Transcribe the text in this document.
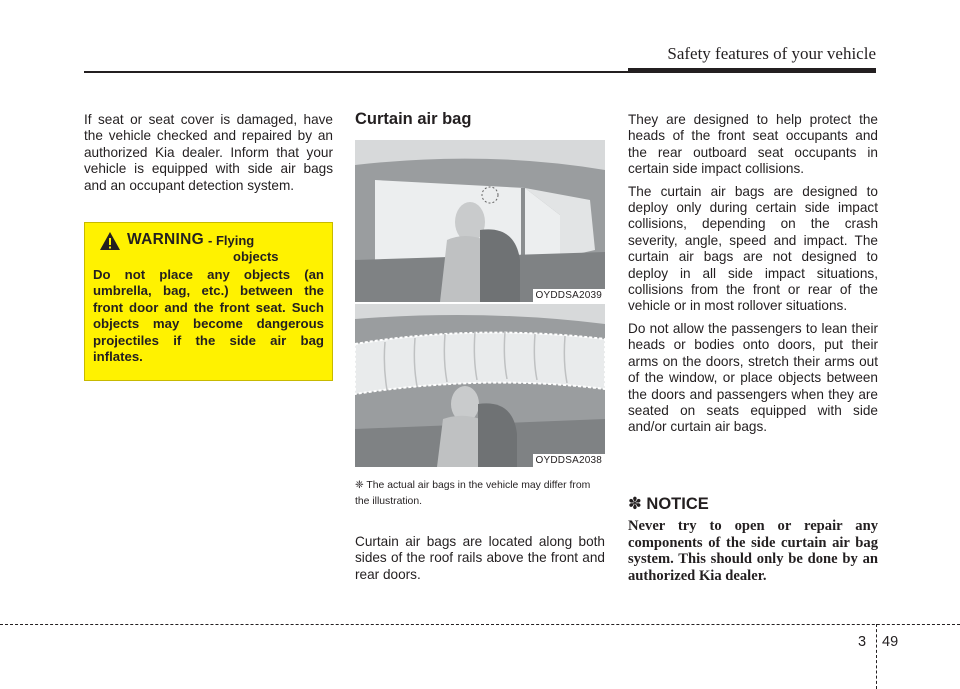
Safety features of your vehicle

If seat or seat cover is damaged, have the vehicle checked and repaired by an authorized Kia dealer. Inform that your vehicle is equipped with side air bags and an occupant detection system.

WARNING - Flying
objects
Do not place any objects (an umbrella, bag, etc.) between the front door and the front seat. Such objects may become dangerous projectiles if the side air bag inflates.
Curtain air bag
OYDDSA2039
OYDDSA2038
❈ The actual air bags in the vehicle may differ from the illustration.

Curtain air bags are located along both sides of the roof rails above the front and rear doors.

They are designed to help protect the heads of the front seat occupants and the rear outboard seat occupants in certain side impact collisions.

The curtain air bags are designed to deploy only during certain side impact collisions, depending on the crash severity, angle, speed and impact. The curtain air bags are not designed to deploy in all side impact situations, collisions from the front or rear of the vehicle or in most rollover situations.

Do not allow the passengers to lean their heads or bodies onto doors, put their arms on the doors, stretch their arms out of the window, or place objects between the doors and passengers when they are seated on seats equipped with side and/or curtain air bags.

✽ NOTICE
Never try to open or repair any components of the side curtain air bag system. This should only be done by an authorized Kia dealer.
3 49
